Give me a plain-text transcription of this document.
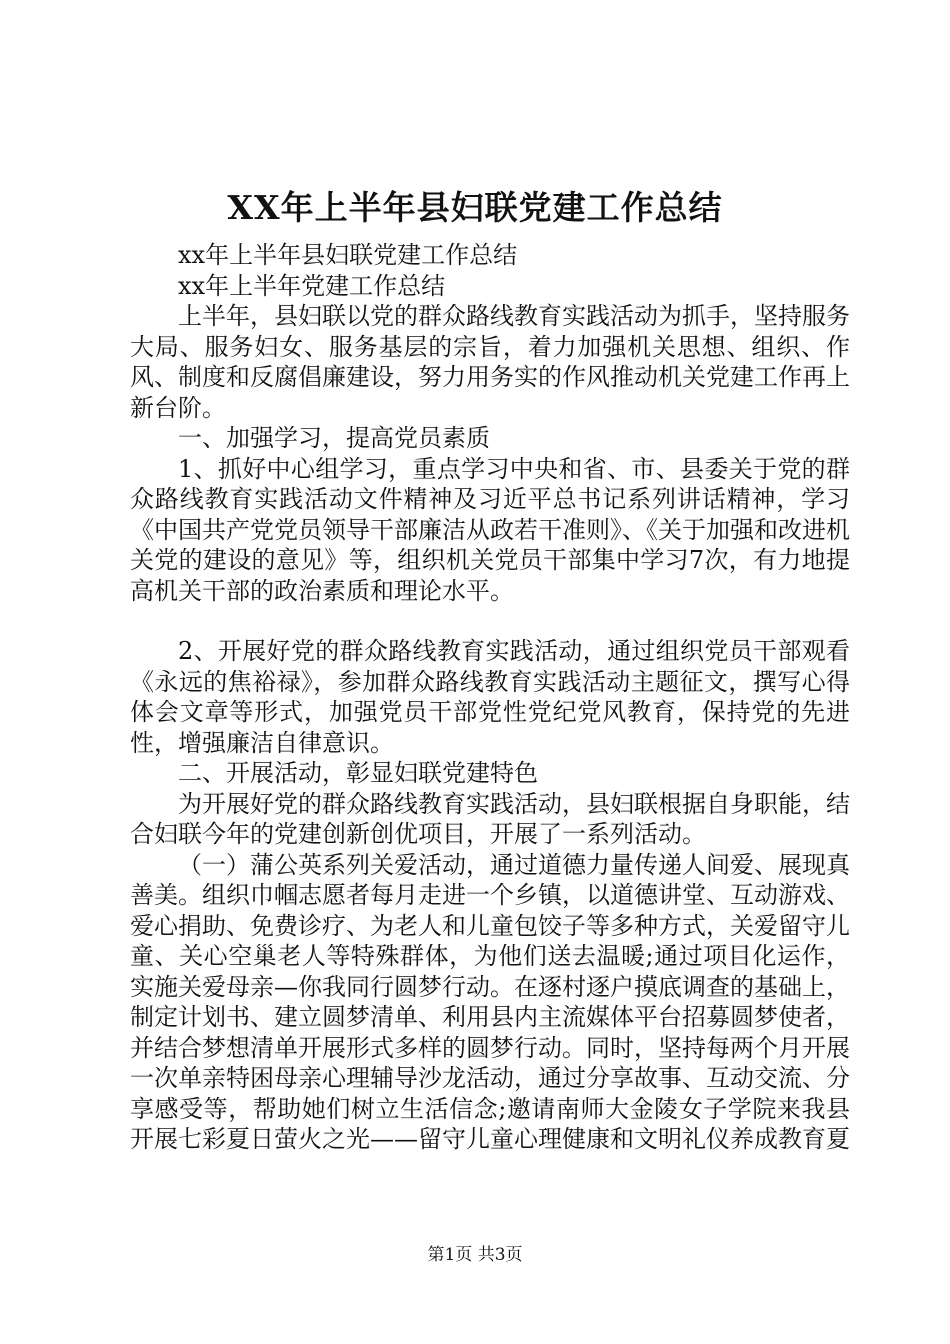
XX年上半年县妇联党建工作总结

xx年上半年县妇联党建工作总结

xx年上半年党建工作总结

上半年，县妇联以党的群众路线教育实践活动为抓手，坚持服务大局、服务妇女、服务基层的宗旨，着力加强机关思想、组织、作风、制度和反腐倡廉建设，努力用务实的作风推动机关党建工作再上新台阶。

一、加强学习，提高党员素质

1、抓好中心组学习，重点学习中央和省、市、县委关于党的群众路线教育实践活动文件精神及习近平总书记系列讲话精神，学习《中国共产党党员领导干部廉洁从政若干准则》、《关于加强和改进机关党的建设的意见》等，组织机关党员干部集中学习7次，有力地提高机关干部的政治素质和理论水平。

2、开展好党的群众路线教育实践活动，通过组织党员干部观看《永远的焦裕禄》，参加群众路线教育实践活动主题征文，撰写心得体会文章等形式，加强党员干部党性党纪党风教育，保持党的先进性，增强廉洁自律意识。

二、开展活动，彰显妇联党建特色

为开展好党的群众路线教育实践活动，县妇联根据自身职能，结合妇联今年的党建创新创优项目，开展了一系列活动。

（一）蒲公英系列关爱活动，通过道德力量传递人间爱、展现真善美。组织巾帼志愿者每月走进一个乡镇，以道德讲堂、互动游戏、爱心捐助、免费诊疗、为老人和儿童包饺子等多种方式，关爱留守儿童、关心空巢老人等特殊群体，为他们送去温暖;通过项目化运作，实施关爱母亲—你我同行圆梦行动。在逐村逐户摸底调查的基础上，制定计划书、建立圆梦清单、利用县内主流媒体平台招募圆梦使者，并结合梦想清单开展形式多样的圆梦行动。同时，坚持每两个月开展一次单亲特困母亲心理辅导沙龙活动，通过分享故事、互动交流、分享感受等，帮助她们树立生活信念;邀请南师大金陵女子学院来我县开展七彩夏日萤火之光——留守儿童心理健康和文明礼仪养成教育夏

第1页 共3页
